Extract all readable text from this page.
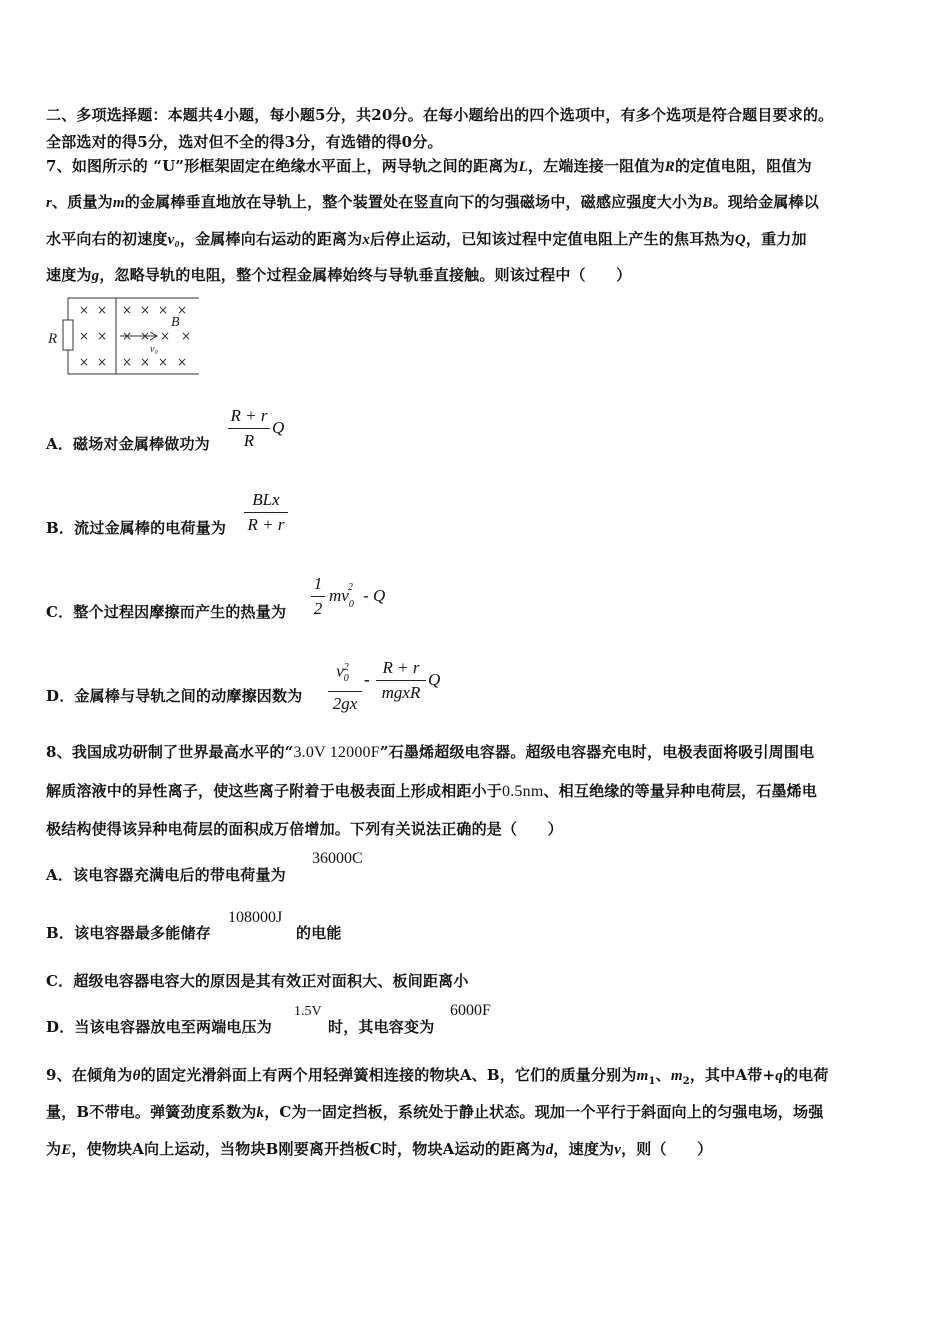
二、多项选择题：本题共4小题，每小题5分，共20分。在每小题给出的四个选项中，有多个选项是符合题目要求的。
全部选对的得5分，选对但不全的得3分，有选错的得0分。
7、如图所示的 “U”形框架固定在绝缘水平面上，两导轨之间的距离为L，左端连接一阻值为R的定值电阻，阻值为
r、质量为m的金属棒垂直地放在导轨上，整个装置处在竖直向下的匀强磁场中，磁感应强度大小为B。现给金属棒以
水平向右的初速度v₀，金属棒向右运动的距离为x后停止运动，已知该过程中定值电阻上产生的焦耳热为Q，重力加
速度为g，忽略导轨的电阻，整个过程金属棒始终与导轨垂直接触。则该过程中（　　）
R
B
v₀
× × × × × ×
× × × × × ×
× × × × × ×
A．磁场对金属棒做功为
R + r
R
Q
B．流过金属棒的电荷量为
BLx
R + r
C．整个过程因摩擦而产生的热量为
1
2
$mv_0^2$ - Q
D．金属棒与导轨之间的动摩擦因数为
$v_0^2$
2gx
-
R + r
mgxR
Q
8、我国成功研制了世界最高水平的“3.0V 12000F”石墨烯超级电容器。超级电容器充电时，电极表面将吸引周围电
解质溶液中的异性离子，使这些离子附着于电极表面上形成相距小于0.5nm、相互绝缘的等量异种电荷层，石墨烯电
极结构使得该异种电荷层的面积成万倍增加。下列有关说法正确的是（　　）
A．该电容器充满电后的带电荷量为
36000C
B．该电容器最多能储存
108000J
的电能
C．超级电容器电容大的原因是其有效正对面积大、板间距离小
D．当该电容器放电至两端电压为
1.5V
时，其电容变为
6000F
9、在倾角为θ的固定光滑斜面上有两个用轻弹簧相连接的物块A、B，它们的质量分别为$m_1$、$m_2$，其中A带+q的电荷
量，B不带电。弹簧劲度系数为k，C为一固定挡板，系统处于静止状态。现加一个平行于斜面向上的匀强电场，场强
为E，使物块A向上运动，当物块B刚要离开挡板C时，物块A运动的距离为d，速度为v，则（　　）
